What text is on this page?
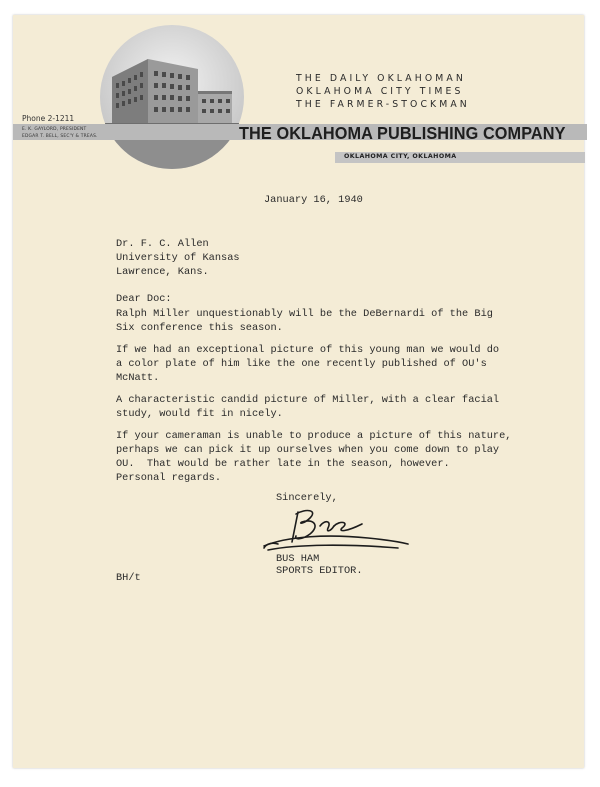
THE DAILY OKLAHOMAN
OKLAHOMA CITY TIMES
THE FARMER-STOCKMAN
Phone 2-1211
E. K. GAYLORD, PRESIDENT
EDGAR T. BELL, SEC'Y & TREAS.	THE OKLAHOMA PUBLISHING COMPANY
OKLAHOMA CITY, OKLAHOMA
January 16, 1940
Dr. F. C. Allen
University of Kansas
Lawrence, Kans.
Dear Doc:
Ralph Miller unquestionably will be the DeBernardi of the Big
Six conference this season.
If we had an exceptional picture of this young man we would do
a color plate of him like the one recently published of OU's
McNatt.
A characteristic candid picture of Miller, with a clear facial
study, would fit in nicely.
If your cameraman is unable to produce a picture of this nature,
perhaps we can pick it up ourselves when you come down to play
OU.  That would be rather late in the season, however.
Personal regards.
Sincerely,
BUS HAM
SPORTS EDITOR.
BH/t
